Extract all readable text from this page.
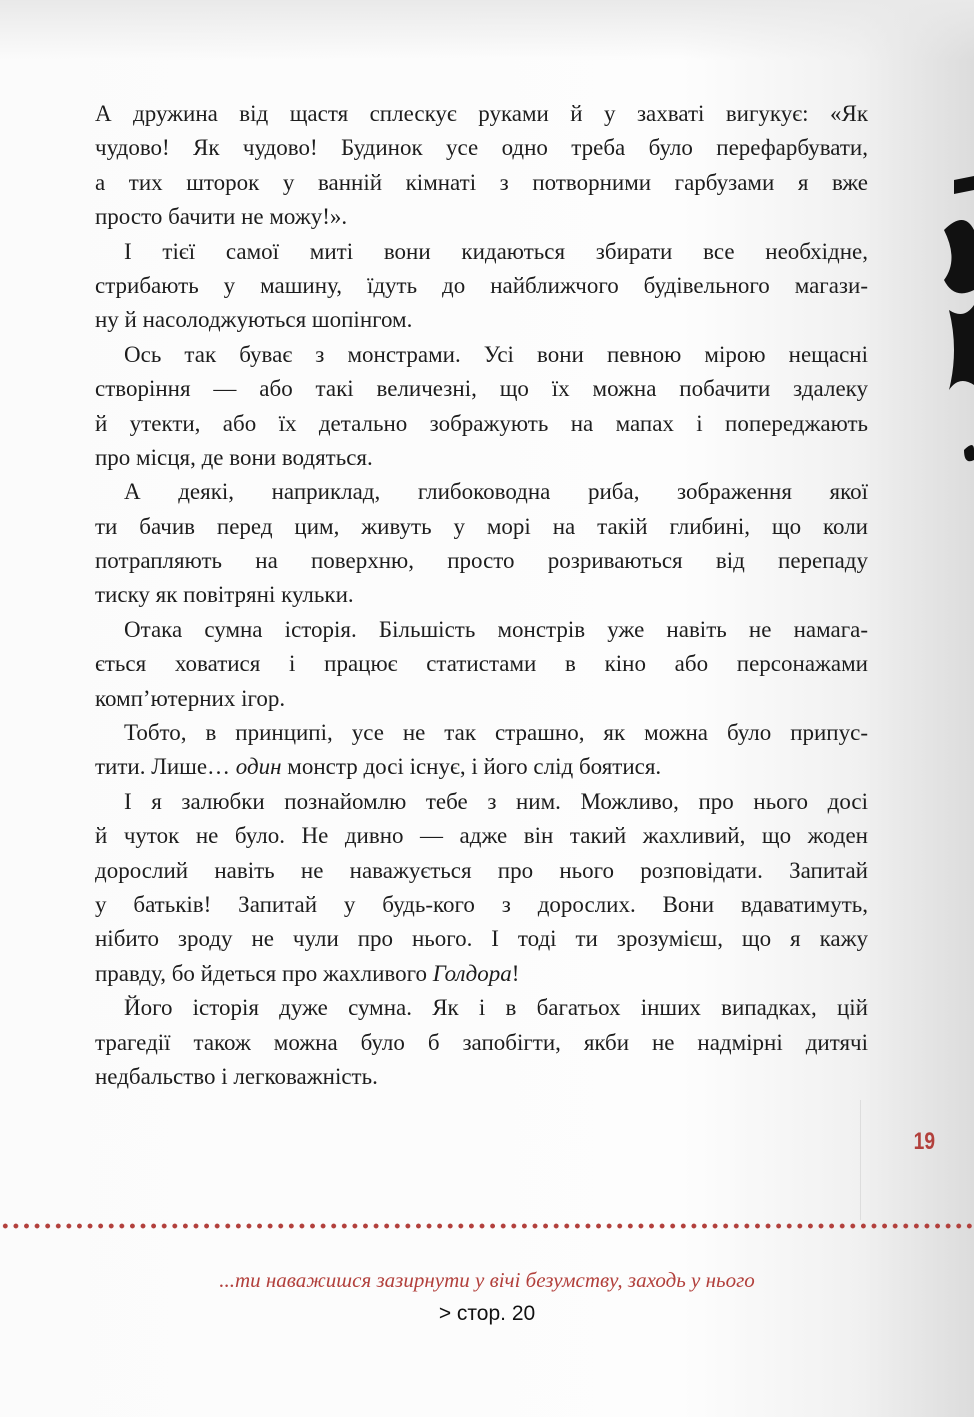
А дружина від щастя сплескує руками й у захваті вигукує: «Як
чудово! Як чудово! Будинок усе одно треба було перефарбувати,
а тих шторок у ванній кімнаті з потворними гарбузами я вже
просто бачити не можу!».
І тієї самої миті вони кидаються збирати все необхідне,
стрибають у машину, їдуть до найближчого будівельного магази-
ну й насолоджуються шопінгом.
Ось так буває з монстрами. Усі вони певною мірою нещасні
створіння — або такі величезні, що їх можна побачити здалеку
й утекти, або їх детально зображують на мапах і попереджають
про місця, де вони водяться.
А деякі, наприклад, глибоководна риба, зображення якої
ти бачив перед цим, живуть у морі на такій глибині, що коли
потрапляють на поверхню, просто розриваються від перепаду
тиску як повітряні кульки.
Отака сумна історія. Більшість монстрів уже навіть не намага-
ється ховатися і працює статистами в кіно або персонажами
комп’ютерних ігор.
Тобто, в принципі, усе не так страшно, як можна було припус-
тити. Лише… один монстр досі існує, і його слід боятися.
І я залюбки познайомлю тебе з ним. Можливо, про нього досі
й чуток не було. Не дивно — адже він такий жахливий, що жоден
дорослий навіть не наважується про нього розповідати. Запитай
у батьків! Запитай у будь-кого з дорослих. Вони вдаватимуть,
нібито зроду не чули про нього. І тоді ти зрозумієш, що я кажу
правду, бо йдеться про жахливого Голдора!
Його історія дуже сумна. Як і в багатьох інших випадках, цій
трагедії також можна було б запобігти, якби не надмірні дитячі
недбальство і легковажність.
19
...ти наважишся зазирнути у вічі безумству, заходь у нього
> стор. 20
